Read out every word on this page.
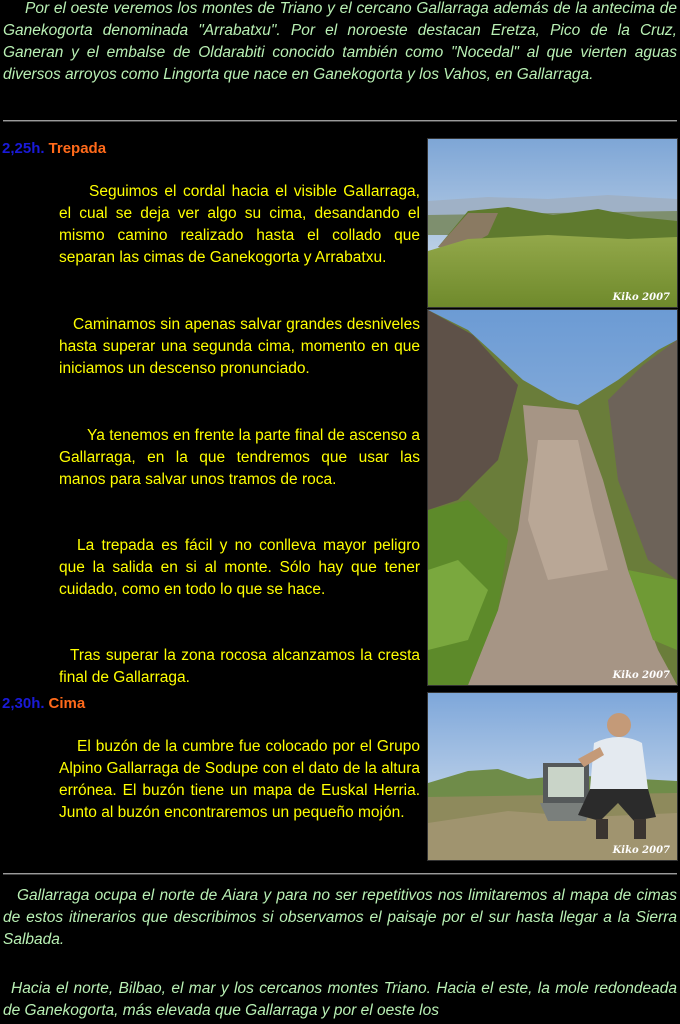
Por el oeste veremos los montes de Triano y el cercano Gallarraga además de la antecima de Ganekogorta denominada "Arrabatxu". Por el noroeste destacan Eretza, Pico de la Cruz, Ganeran y el embalse de Oldarabiti conocido también como "Nocedal" al que vierten aguas diversos arroyos como Lingorta que nace en Ganekogorta y los Vahos, en Gallarraga.

2,25h. Trepada

Seguimos el cordal hacia el visible Gallarraga, el cual se deja ver algo su cima, desandando el mismo camino realizado hasta el collado que separan las cimas de Ganekogorta y Arrabatxu.

Caminamos sin apenas salvar grandes desniveles hasta superar una segunda cima, momento en que iniciamos un descenso pronunciado.

Ya tenemos en frente la parte final de ascenso a Gallarraga, en la que tendremos que usar las manos para salvar unos tramos de roca.

La trepada es fácil y no conlleva mayor peligro que la salida en si al monte. Sólo hay que tener cuidado, como en todo lo que se hace.

Tras superar la zona rocosa alcanzamos la cresta final de Gallarraga.

Kiko 2007
Kiko 2007
2,30h. Cima

El buzón de la cumbre fue colocado por el Grupo Alpino Gallarraga de Sodupe con el dato de la altura errónea. El buzón tiene un mapa de Euskal Herria. Junto al buzón encontraremos un pequeño mojón.

Kiko 2007

Gallarraga ocupa el norte de Aiara y para no ser repetitivos nos limitaremos al mapa de cimas de estos itinerarios que describimos si observamos el paisaje por el sur hasta llegar a la Sierra Salbada.

Hacia el norte, Bilbao, el mar y los cercanos montes Triano. Hacia el este, la mole redondeada de Ganekogorta, más elevada que Gallarraga y por el oeste los
